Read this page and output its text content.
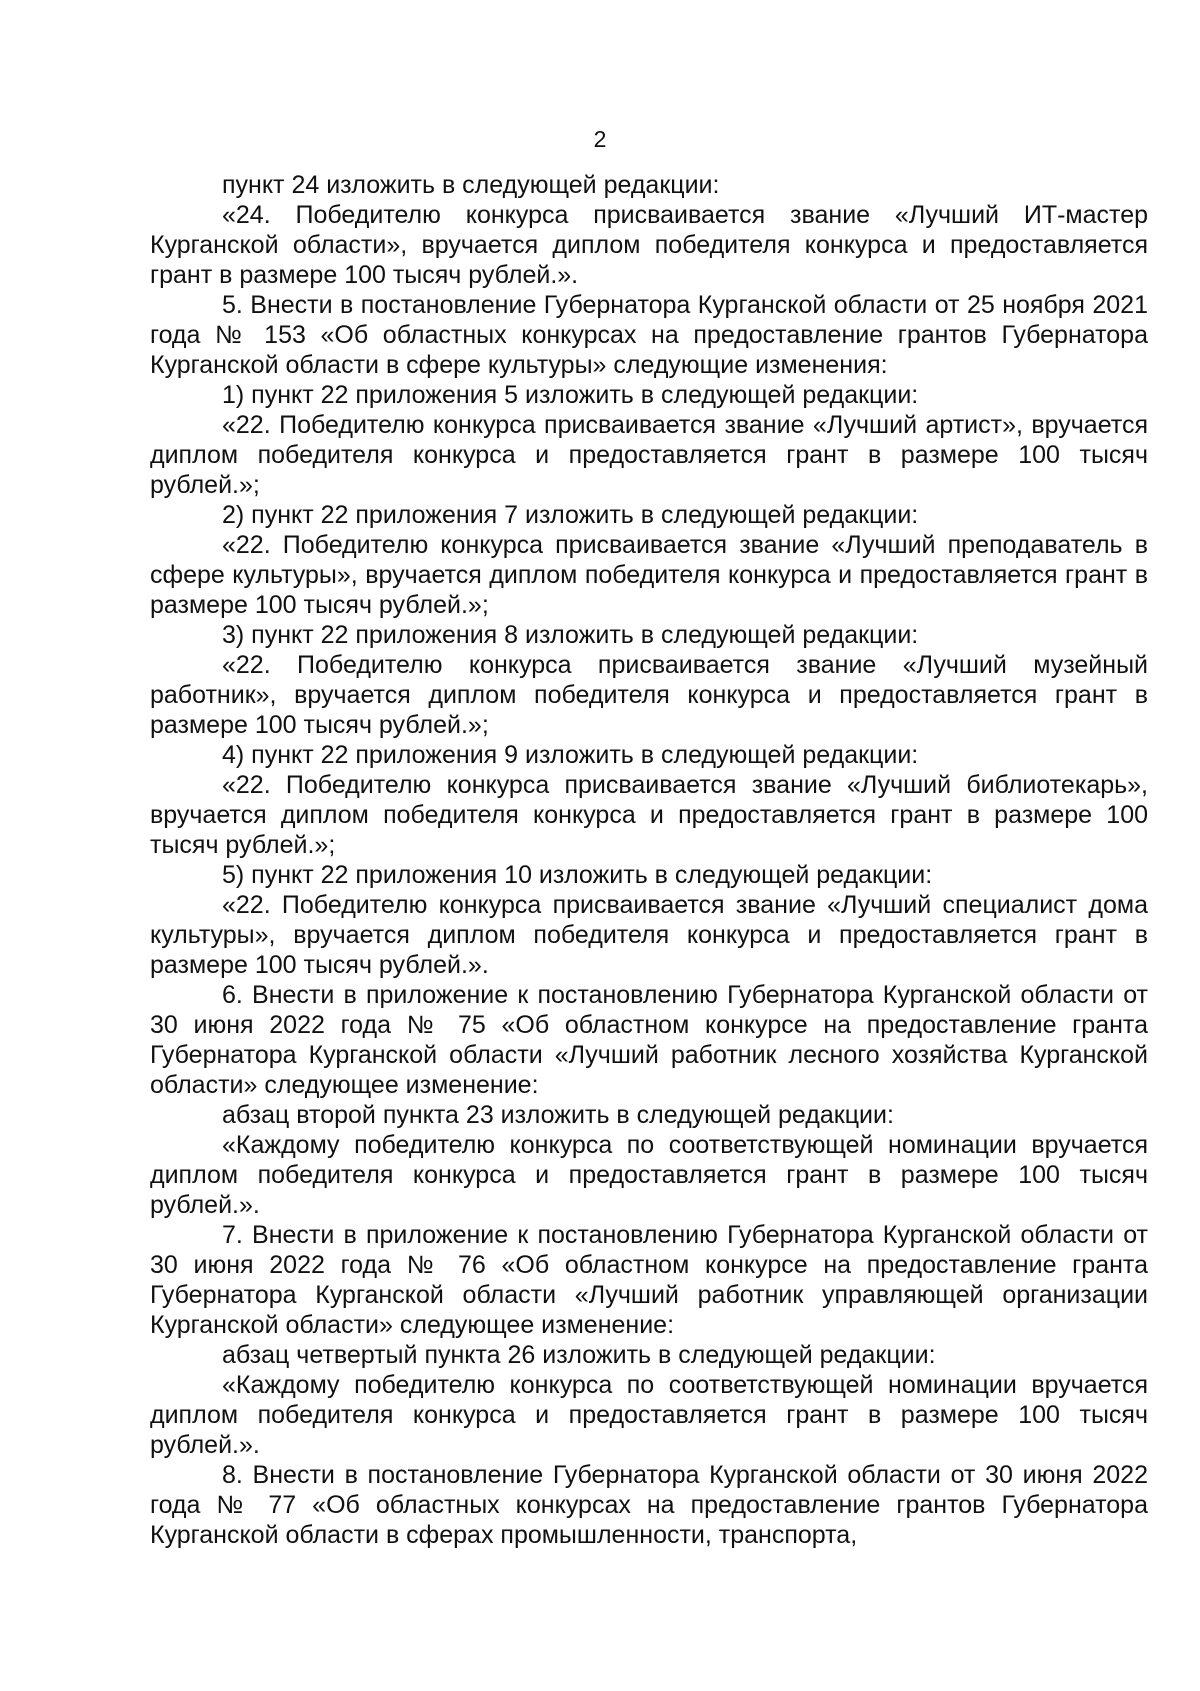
2

пункт 24 изложить в следующей редакции:

«24. Победителю конкурса присваивается звание «Лучший ИТ-мастер Курганской области», вручается диплом победителя конкурса и предоставляется грант в размере 100 тысяч рублей.».

5. Внести в постановление Губернатора Курганской области от 25 ноября 2021 года № 153 «Об областных конкурсах на предоставление грантов Губернатора Курганской области в сфере культуры» следующие изменения:

1) пункт 22 приложения 5 изложить в следующей редакции:

«22. Победителю конкурса присваивается звание «Лучший артист», вручается диплом победителя конкурса и предоставляется грант в размере 100 тысяч рублей.»;

2) пункт 22 приложения 7 изложить в следующей редакции:

«22. Победителю конкурса присваивается звание «Лучший преподаватель в сфере культуры», вручается диплом победителя конкурса и предоставляется грант в размере 100 тысяч рублей.»;

3) пункт 22 приложения 8 изложить в следующей редакции:

«22. Победителю конкурса присваивается звание «Лучший музейный работник», вручается диплом победителя конкурса и предоставляется грант в размере 100 тысяч рублей.»;

4) пункт 22 приложения 9 изложить в следующей редакции:

«22. Победителю конкурса присваивается звание «Лучший библиотекарь», вручается диплом победителя конкурса и предоставляется грант в размере 100 тысяч рублей.»;

5) пункт 22 приложения 10 изложить в следующей редакции:

«22. Победителю конкурса присваивается звание «Лучший специалист дома культуры», вручается диплом победителя конкурса и предоставляется грант в размере 100 тысяч рублей.».

6. Внести в приложение к постановлению Губернатора Курганской области от 30 июня 2022 года № 75 «Об областном конкурсе на предоставление гранта Губернатора Курганской области «Лучший работник лесного хозяйства Курганской области» следующее изменение:

абзац второй пункта 23 изложить в следующей редакции:

«Каждому победителю конкурса по соответствующей номинации вручается диплом победителя конкурса и предоставляется грант в размере 100 тысяч рублей.».

7. Внести в приложение к постановлению Губернатора Курганской области от 30 июня 2022 года № 76 «Об областном конкурсе на предоставление гранта Губернатора Курганской области «Лучший работник управляющей организации Курганской области» следующее изменение:

абзац четвертый пункта 26 изложить в следующей редакции:

«Каждому победителю конкурса по соответствующей номинации вручается диплом победителя конкурса и предоставляется грант в размере 100 тысяч рублей.».

8. Внести в постановление Губернатора Курганской области от 30 июня 2022 года № 77 «Об областных конкурсах на предоставление грантов Губернатора Курганской области в сферах промышленности, транспорта,
